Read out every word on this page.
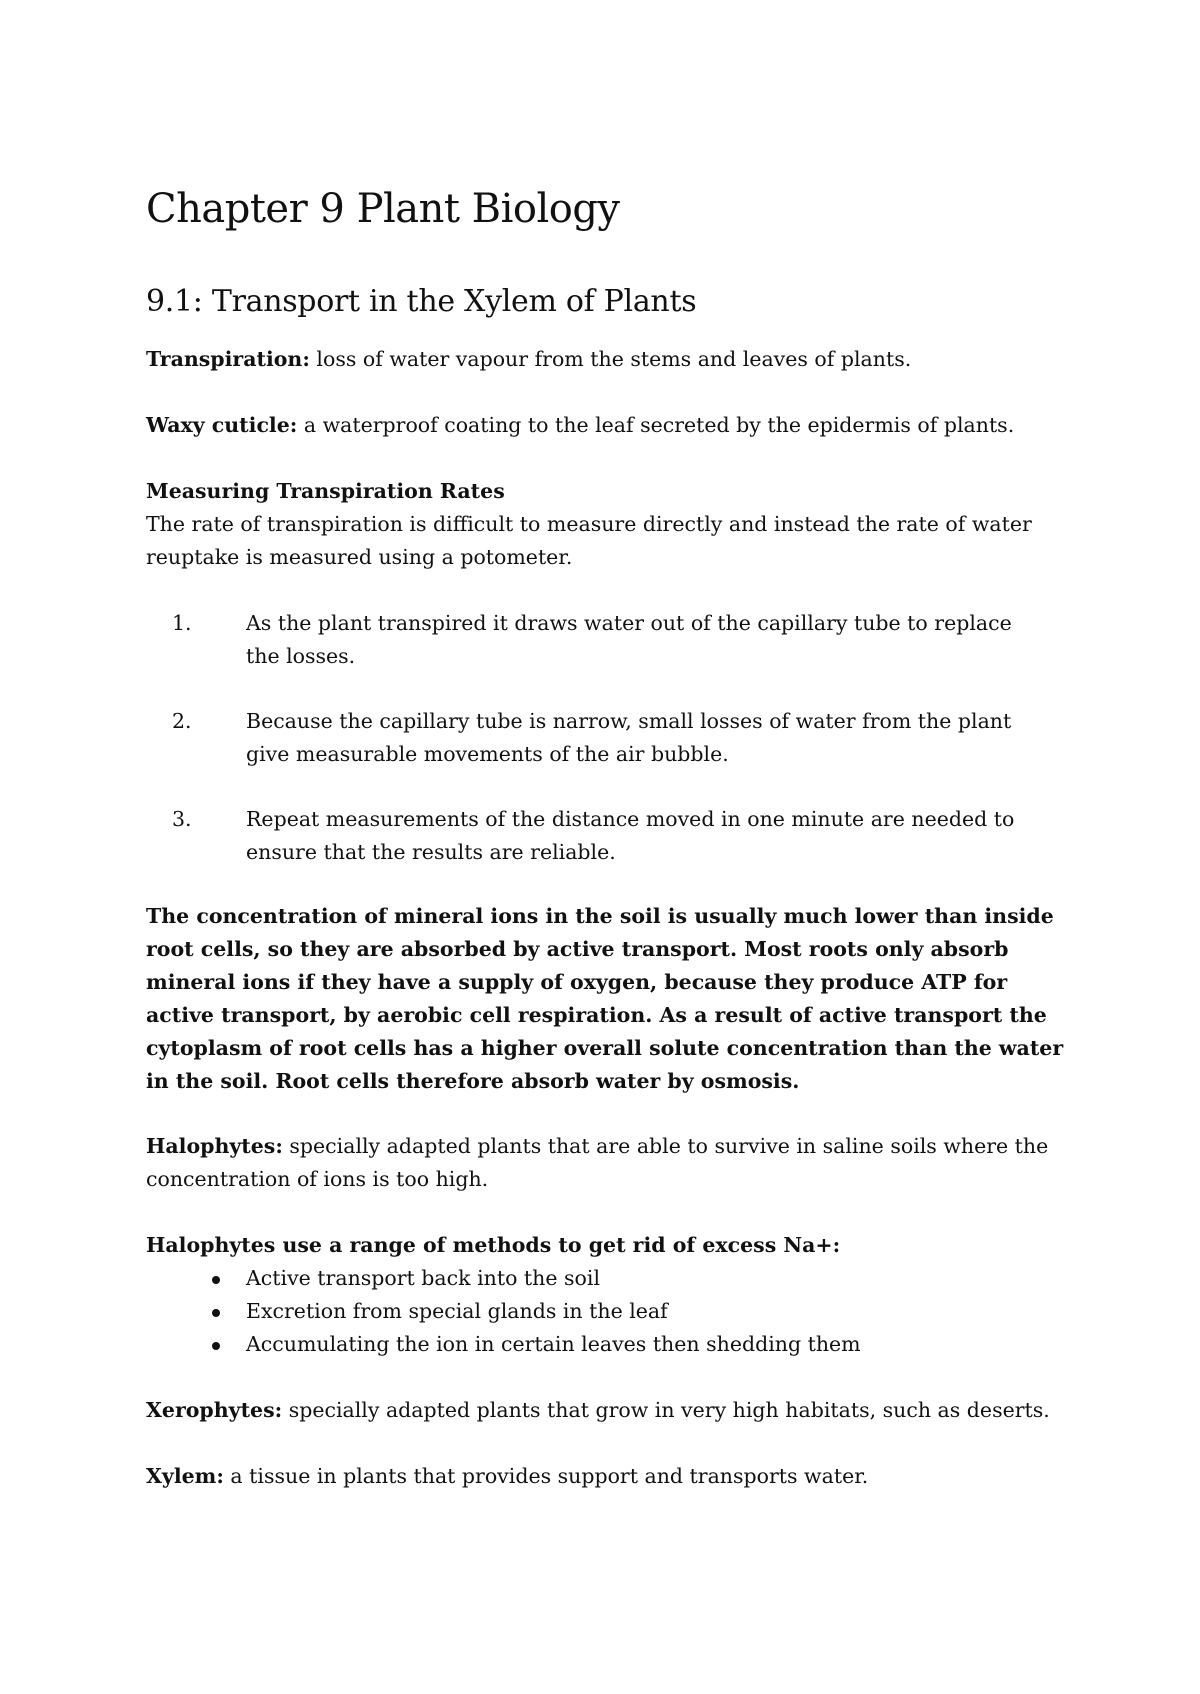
Chapter 9 Plant Biology
9.1: Transport in the Xylem of Plants

Transpiration: loss of water vapour from the stems and leaves of plants.

Waxy cuticle: a waterproof coating to the leaf secreted by the epidermis of plants.

Measuring Transpiration Rates

The rate of transpiration is difficult to measure directly and instead the rate of water reuptake is measured using a potometer.

1.	As the plant transpired it draws water out of the capillary tube to replace the losses.
2.	Because the capillary tube is narrow, small losses of water from the plant give measurable movements of the air bubble.
3.	Repeat measurements of the distance moved in one minute are needed to ensure that the results are reliable.

The concentration of mineral ions in the soil is usually much lower than inside root cells, so they are absorbed by active transport. Most roots only absorb mineral ions if they have a supply of oxygen, because they produce ATP for active transport, by aerobic cell respiration. As a result of active transport the cytoplasm of root cells has a higher overall solute concentration than the water in the soil. Root cells therefore absorb water by osmosis.

Halophytes: specially adapted plants that are able to survive in saline soils where the concentration of ions is too high.

Halophytes use a range of methods to get rid of excess Na+:

Active transport back into the soil
Excretion from special glands in the leaf
Accumulating the ion in certain leaves then shedding them

Xerophytes: specially adapted plants that grow in very high habitats, such as deserts.

Xylem: a tissue in plants that provides support and transports water.
